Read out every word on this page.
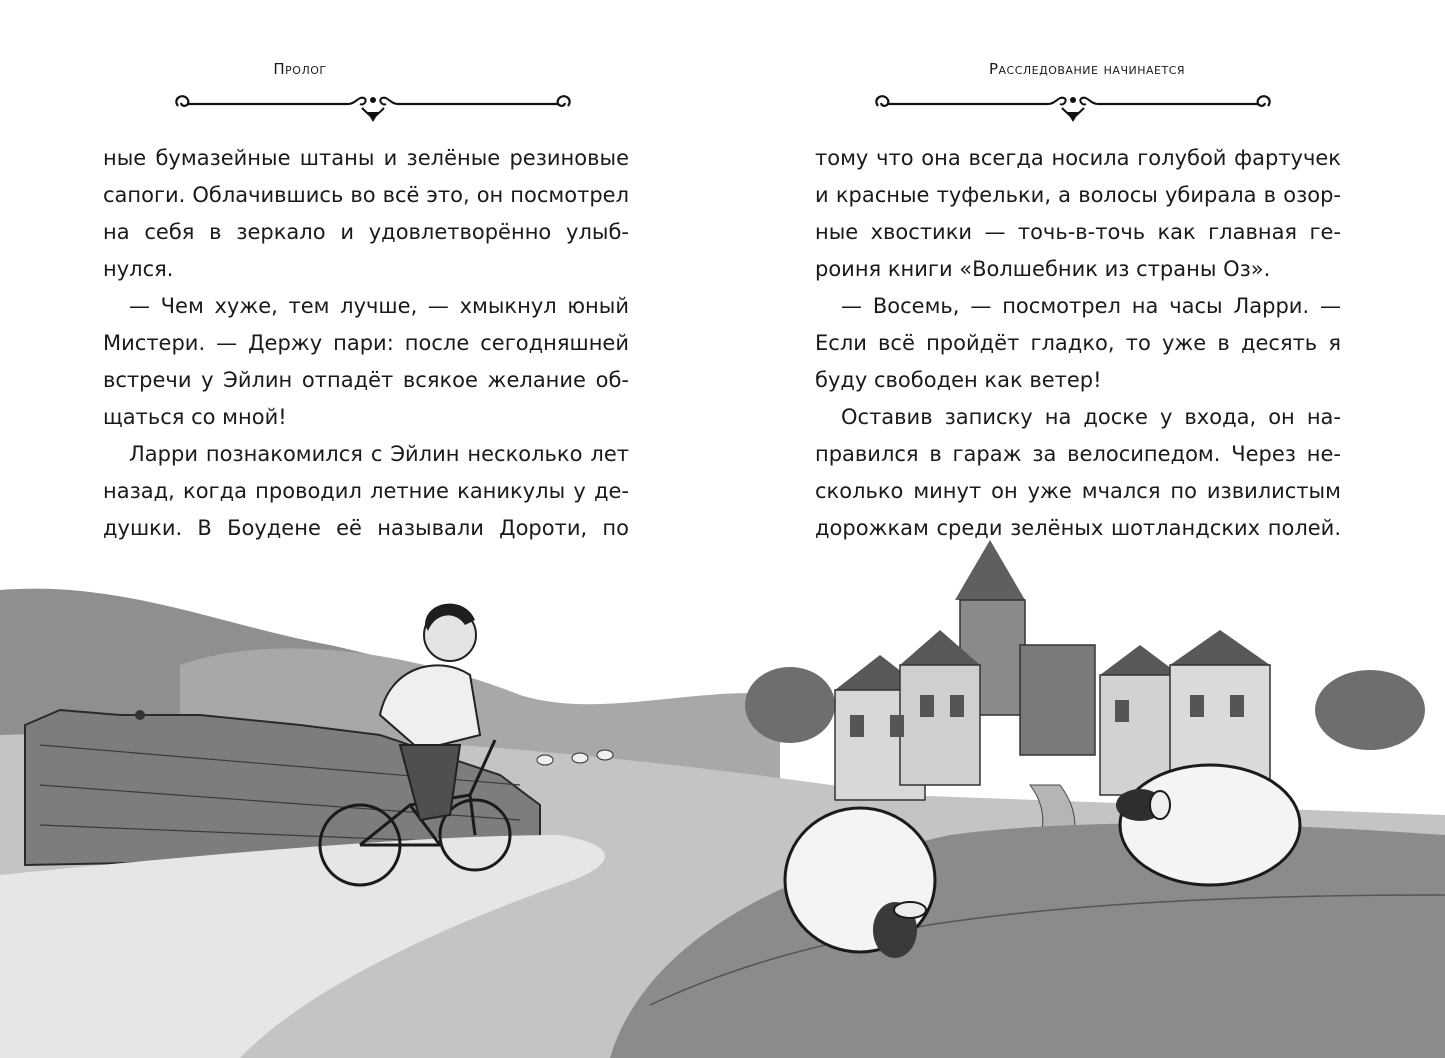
Пролог

ные бумазейные штаны и зелёные резиновые сапоги. Облачившись во всё это, он посмотрел на себя в зеркало и удовлетворённо улыбнулся.

— Чем хуже, тем лучше, — хмыкнул юный Мистери. — Держу пари: после сегодняшней встречи у Эйлин отпадёт всякое желание общаться со мной!

Ларри познакомился с Эйлин несколько лет назад, когда проводил летние каникулы у дедушки. В Боудене её называли Дороти, по

Расследование начинается

тому что она всегда носила голубой фартучек и красные туфельки, а волосы убирала в озорные хвостики — точь-в-точь как главная героиня книги «Волшебник из страны Оз».

— Восемь, — посмотрел на часы Ларри. — Если всё пройдёт гладко, то уже в десять я буду свободен как ветер!

Оставив записку на доске у входа, он направился в гараж за велосипедом. Через несколько минут он уже мчался по извилистым дорожкам среди зелёных шотландских полей.
